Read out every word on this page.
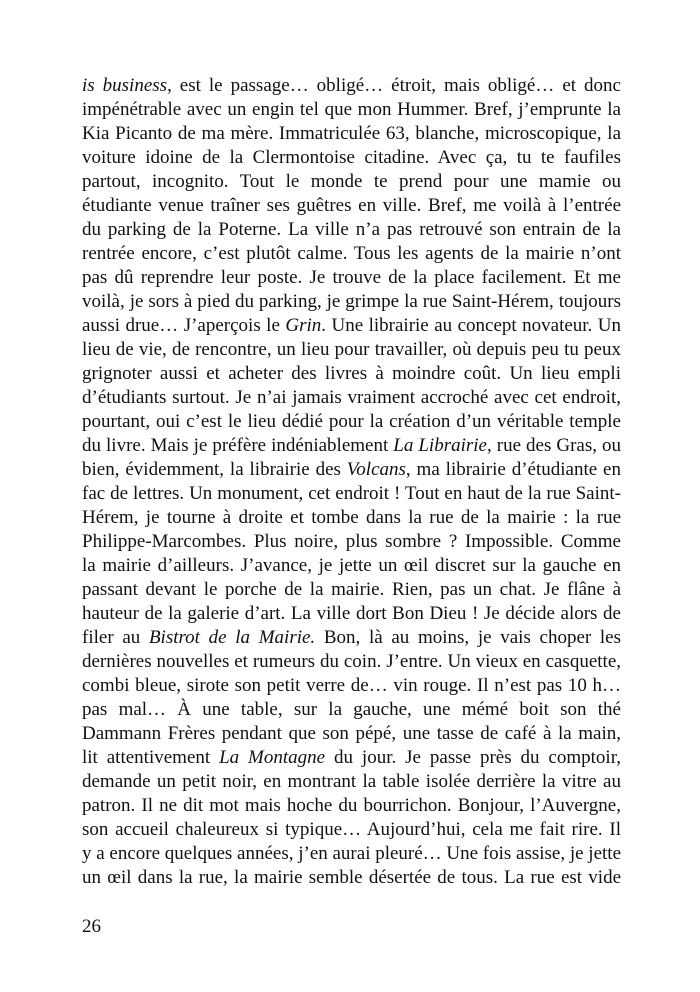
is business, est le passage… obligé… étroit, mais obligé… et donc
impénétrable avec un engin tel que mon Hummer. Bref, j’emprunte la
Kia Picanto de ma mère. Immatriculée 63, blanche, microscopique, la
voiture idoine de la Clermontoise citadine. Avec ça, tu te faufiles
partout, incognito. Tout le monde te prend pour une mamie ou
étudiante venue traîner ses guêtres en ville. Bref, me voilà à l’entrée
du parking de la Poterne. La ville n’a pas retrouvé son entrain de la
rentrée encore, c’est plutôt calme. Tous les agents de la mairie n’ont
pas dû reprendre leur poste. Je trouve de la place facilement. Et me
voilà, je sors à pied du parking, je grimpe la rue Saint-Hérem, toujours
aussi drue… J’aperçois le Grin. Une librairie au concept novateur. Un
lieu de vie, de rencontre, un lieu pour travailler, où depuis peu tu peux
grignoter aussi et acheter des livres à moindre coût. Un lieu empli
d’étudiants surtout. Je n’ai jamais vraiment accroché avec cet endroit,
pourtant, oui c’est le lieu dédié pour la création d’un véritable temple
du livre. Mais je préfère indéniablement La Librairie, rue des Gras, ou
bien, évidemment, la librairie des Volcans, ma librairie d’étudiante en
fac de lettres. Un monument, cet endroit ! Tout en haut de la rue Saint-
Hérem, je tourne à droite et tombe dans la rue de la mairie : la rue
Philippe-Marcombes. Plus noire, plus sombre ? Impossible. Comme
la mairie d’ailleurs. J’avance, je jette un œil discret sur la gauche en
passant devant le porche de la mairie. Rien, pas un chat. Je flâne à
hauteur de la galerie d’art. La ville dort Bon Dieu ! Je décide alors de
filer au Bistrot de la Mairie. Bon, là au moins, je vais choper les
dernières nouvelles et rumeurs du coin. J’entre. Un vieux en casquette,
combi bleue, sirote son petit verre de… vin rouge. Il n’est pas 10 h…
pas mal… À une table, sur la gauche, une mémé boit son thé
Dammann Frères pendant que son pépé, une tasse de café à la main,
lit attentivement La Montagne du jour. Je passe près du comptoir,
demande un petit noir, en montrant la table isolée derrière la vitre au
patron. Il ne dit mot mais hoche du bourrichon. Bonjour, l’Auvergne,
son accueil chaleureux si typique… Aujourd’hui, cela me fait rire. Il
y a encore quelques années, j’en aurai pleuré… Une fois assise, je jette
un œil dans la rue, la mairie semble désertée de tous. La rue est vide
26
